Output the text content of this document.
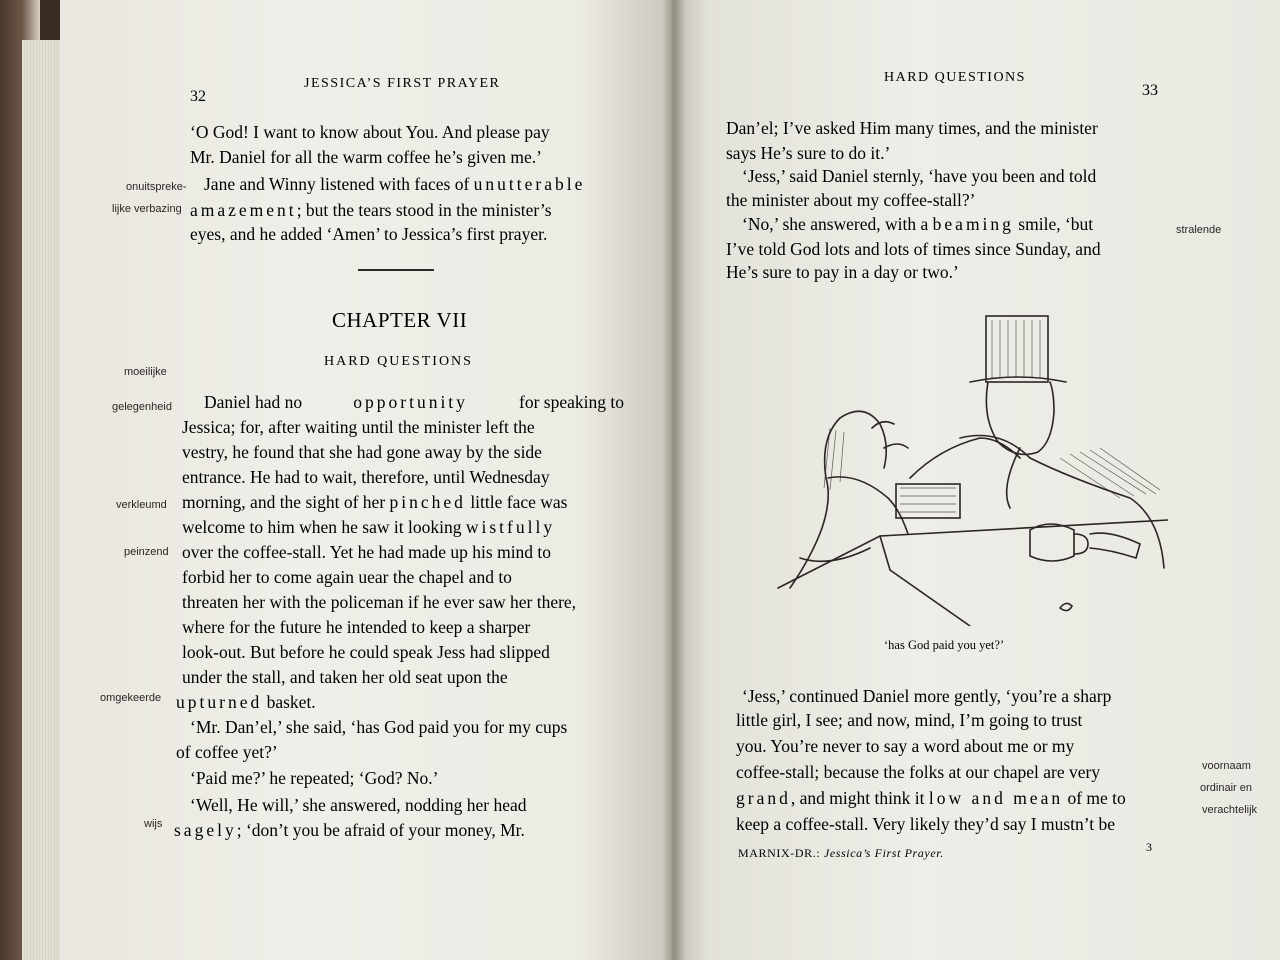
32
JESSICA’S FIRST PRAYER
‘O God! I want to know about You. And please pay
Mr. Daniel for all the warm coffee he’s given me.’
Jane and Winny listened with faces of unutterable
amazement; but the tears stood in the minister’s
eyes, and he added ‘Amen’ to Jessica’s first prayer.
onuitspreke-
lijke verbazing
CHAPTER VII
HARD QUESTIONS
moeilijke
gelegenheid
verkleumd
peinzend
omgekeerde
wijs
Daniel had no	opportunity	for speaking to
Jessica; for, after waiting until the minister left the
vestry, he found that she had gone away by the side
entrance. He had to wait, therefore, until Wednesday
morning, and the sight of her pinched little face was
welcome to him when he saw it looking wistfully
over the coffee-stall. Yet he had made up his mind to
forbid her to come again uear the chapel and to
threaten her with the policeman if he ever saw her there,
where for the future he intended to keep a sharper
look-out. But before he could speak Jess had slipped
under the stall, and taken her old seat upon the
upturned basket.
‘Mr. Dan’el,’ she said, ‘has God paid you for my cups
of coffee yet?’
‘Paid me?’ he repeated; ‘God? No.’
‘Well, He will,’ she answered, nodding her head
sagely; ‘don’t you be afraid of your money, Mr.
HARD QUESTIONS
33
Dan’el; I’ve asked Him many times, and the minister
says He’s sure to do it.’
‘Jess,’ said Daniel sternly, ‘have you been and told
the minister about my coffee-stall?’
‘No,’ she answered, with a beaming smile, ‘but
I’ve told God lots and lots of times since Sunday, and
He’s sure to pay in a day or two.’
stralende
‘has God paid you yet?’
‘Jess,’ continued Daniel more gently, ‘you’re a sharp
little girl, I see; and now, mind, I’m going to trust
you. You’re never to say a word about me or my
coffee-stall; because the folks at our chapel are very
grand, and might think it low and mean of me to
keep a coffee-stall. Very likely they’d say I mustn’t be
voornaam
ordinair en
verachtelijk
MARNIX-DR.: Jessica’s First Prayer.	3
